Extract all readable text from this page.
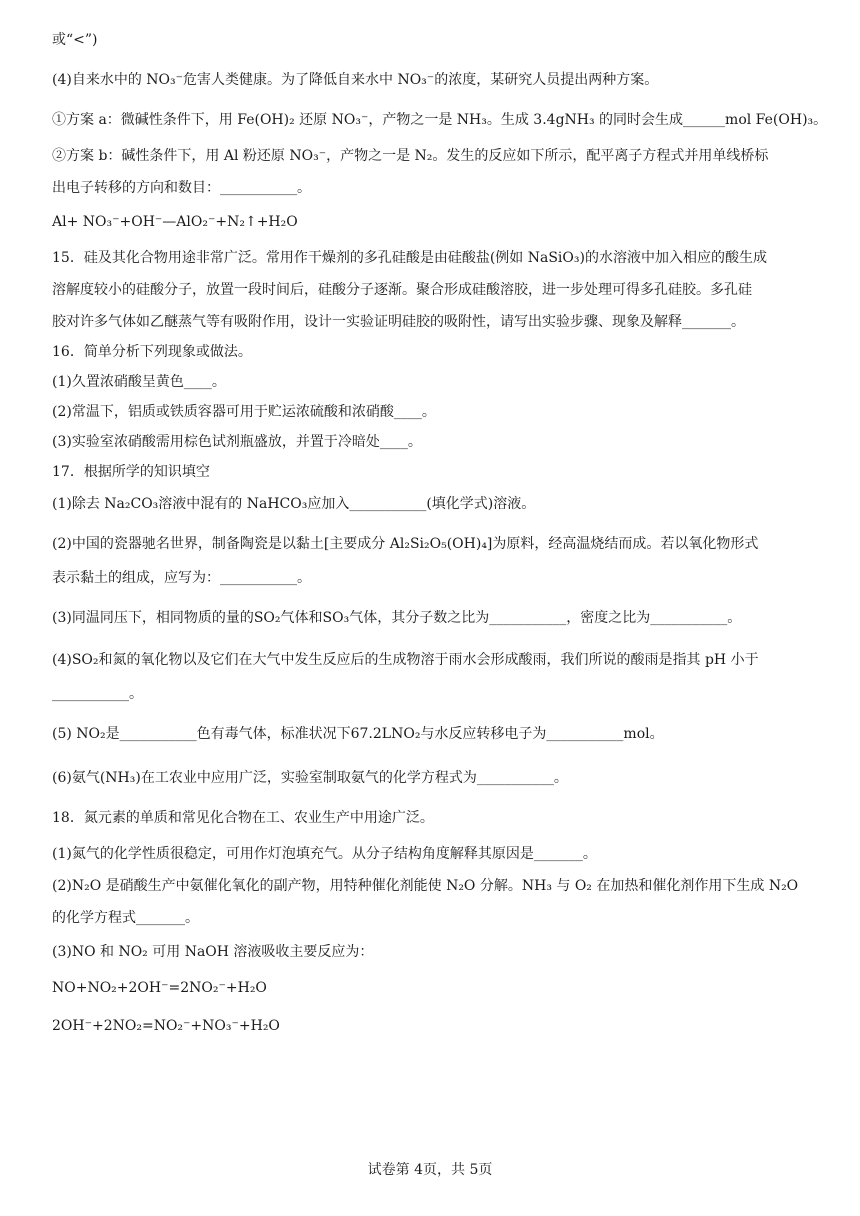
或“<”)
(4)自来水中的 NO₃⁻危害人类健康。为了降低自来水中 NO₃⁻的浓度，某研究人员提出两种方案。
①方案 a：微碱性条件下，用 Fe(OH)₂ 还原 NO₃⁻，产物之一是 NH₃。生成 3.4gNH₃ 的同时会生成______mol Fe(OH)₃。
②方案 b：碱性条件下，用 Al 粉还原 NO₃⁻，产物之一是 N₂。发生的反应如下所示，配平离子方程式并用单线桥标
出电子转移的方向和数目：___________。
Al+ NO₃⁻+OH⁻—AlO₂⁻+N₂↑+H₂O
15．硅及其化合物用途非常广泛。常用作干燥剂的多孔硅酸是由硅酸盐(例如 NaSiO₃)的水溶液中加入相应的酸生成
溶解度较小的硅酸分子，放置一段时间后，硅酸分子逐渐。聚合形成硅酸溶胶，进一步处理可得多孔硅胶。多孔硅
胶对许多气体如乙醚蒸气等有吸附作用，设计一实验证明硅胶的吸附性，请写出实验步骤、现象及解释_______。
16．简单分析下列现象或做法。
(1)久置浓硝酸呈黄色____。
(2)常温下，铝质或铁质容器可用于贮运浓硫酸和浓硝酸____。
(3)实验室浓硝酸需用棕色试剂瓶盛放，并置于冷暗处____。
17．根据所学的知识填空
(1)除去 Na₂CO₃溶液中混有的 NaHCO₃应加入___________(填化学式)溶液。
(2)中国的瓷器驰名世界，制备陶瓷是以黏土[主要成分 Al₂Si₂O₅(OH)₄]为原料，经高温烧结而成。若以氧化物形式
表示黏土的组成，应写为：___________。
(3)同温同压下，相同物质的量的SO₂气体和SO₃气体，其分子数之比为___________，密度之比为___________。
(4)SO₂和氮的氧化物以及它们在大气中发生反应后的生成物溶于雨水会形成酸雨，我们所说的酸雨是指其 pH 小于
___________。
(5) NO₂是___________色有毒气体，标准状况下67.2LNO₂与水反应转移电子为___________mol。
(6)氨气(NH₃)在工农业中应用广泛，实验室制取氨气的化学方程式为___________。
18．氮元素的单质和常见化合物在工、农业生产中用途广泛。
(1)氮气的化学性质很稳定，可用作灯泡填充气。从分子结构角度解释其原因是_______。
(2)N₂O 是硝酸生产中氨催化氧化的副产物，用特种催化剂能使 N₂O 分解。NH₃ 与 O₂ 在加热和催化剂作用下生成 N₂O
的化学方程式_______。
(3)NO 和 NO₂ 可用 NaOH 溶液吸收主要反应为：
NO+NO₂+2OH⁻=2NO₂⁻+H₂O
2OH⁻+2NO₂=NO₂⁻+NO₃⁻+H₂O
试卷第 4页，共 5页
